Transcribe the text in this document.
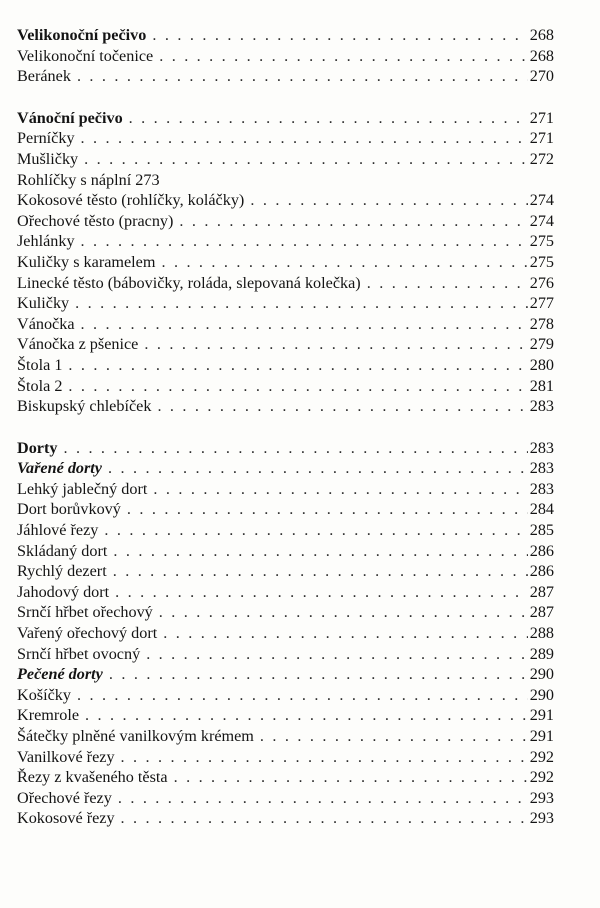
Velikonoční pečivo . . .	268
Velikonoční točenice . . .	268
Beránek . . .	270
Vánoční pečivo . . .	271
Perníčky . . .	271
Mušličky . . .	272
Rohlíčky s náplní 273
Kokosové těsto (rohlíčky, koláčky) . . .	274
Ořechové těsto (pracny) . . .	274
Jehlánky . . .	275
Kuličky s karamelem . . .	275
Linecké těsto (bábovičky, roláda, slepovaná kolečka) . . .	276
Kuličky . . .	277
Vánočka . . .	278
Vánočka z pšenice . . .	279
Štola 1 . . .	280
Štola 2 . . .	281
Biskupský chlebíček . . .	283
Dorty . . .	283
Vařené dorty . . .	283
Lehký jablečný dort . . .	283
Dort borůvkový . . .	284
Jáhlové řezy . . .	285
Skládaný dort . . .	286
Rychlý dezert . . .	286
Jahodový dort . . .	287
Srnčí hřbet ořechový . . .	287
Vařený ořechový dort . . .	288
Srnčí hřbet ovocný . . .	289
Pečené dorty . . .	290
Košíčky . . .	290
Kremrole . . .	291
Šátečky plněné vanilkovým krémem . . .	291
Vanilkové řezy . . .	292
Řezy z kvašeného těsta . . .	292
Ořechové řezy . . .	293
Kokosové řezy . . .	293
